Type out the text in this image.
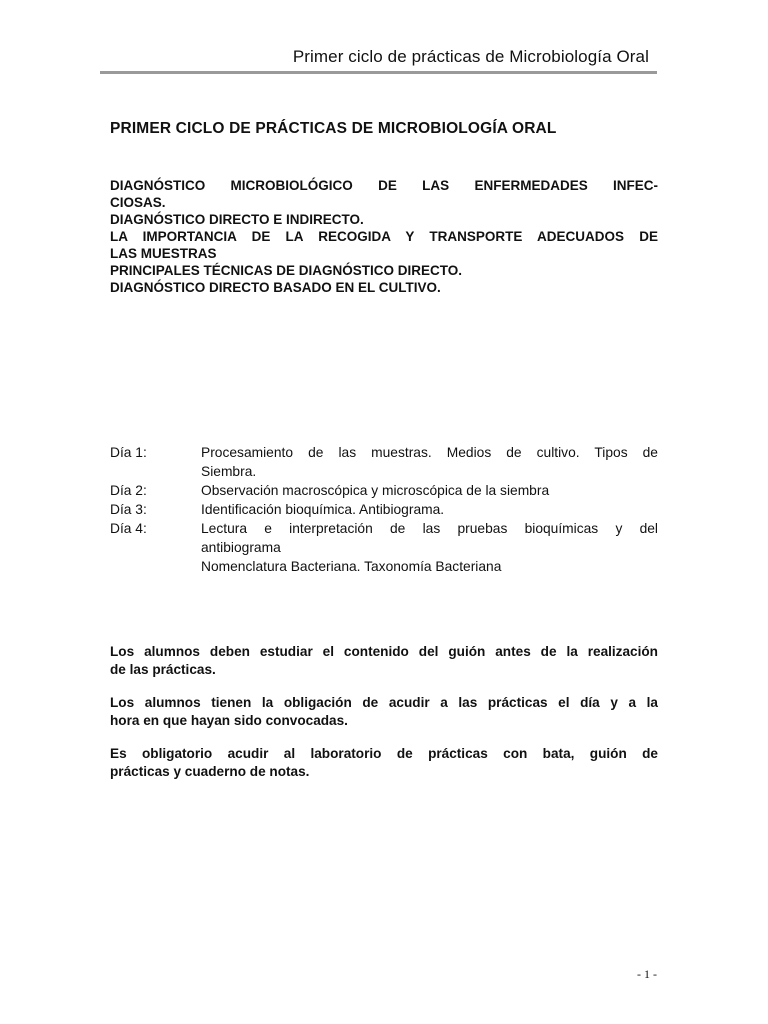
Primer ciclo de prácticas de Microbiología Oral
PRIMER CICLO DE PRÁCTICAS DE MICROBIOLOGÍA ORAL
DIAGNÓSTICO MICROBIOLÓGICO DE LAS ENFERMEDADES INFEC-
CIOSAS.
DIAGNÓSTICO DIRECTO E INDIRECTO.
LA IMPORTANCIA DE LA RECOGIDA Y TRANSPORTE ADECUADOS DE
LAS MUESTRAS
PRINCIPALES TÉCNICAS DE DIAGNÓSTICO DIRECTO.
DIAGNÓSTICO DIRECTO BASADO EN EL CULTIVO.
Día 1:	Procesamiento de las muestras. Medios de cultivo. Tipos de
Siembra.
Día 2:	Observación macroscópica y microscópica de la siembra
Día 3:	Identificación bioquímica. Antibiograma.
Día 4:	Lectura e interpretación de las pruebas bioquímicas y del
antibiograma
Nomenclatura Bacteriana. Taxonomía Bacteriana
Los alumnos deben estudiar el contenido del guión antes de la realización
de las prácticas.
Los alumnos tienen la obligación de acudir a las prácticas el día y a la
hora en que hayan sido convocadas.
Es obligatorio acudir al laboratorio de prácticas con bata, guión de
prácticas y cuaderno de notas.
- 1 -
